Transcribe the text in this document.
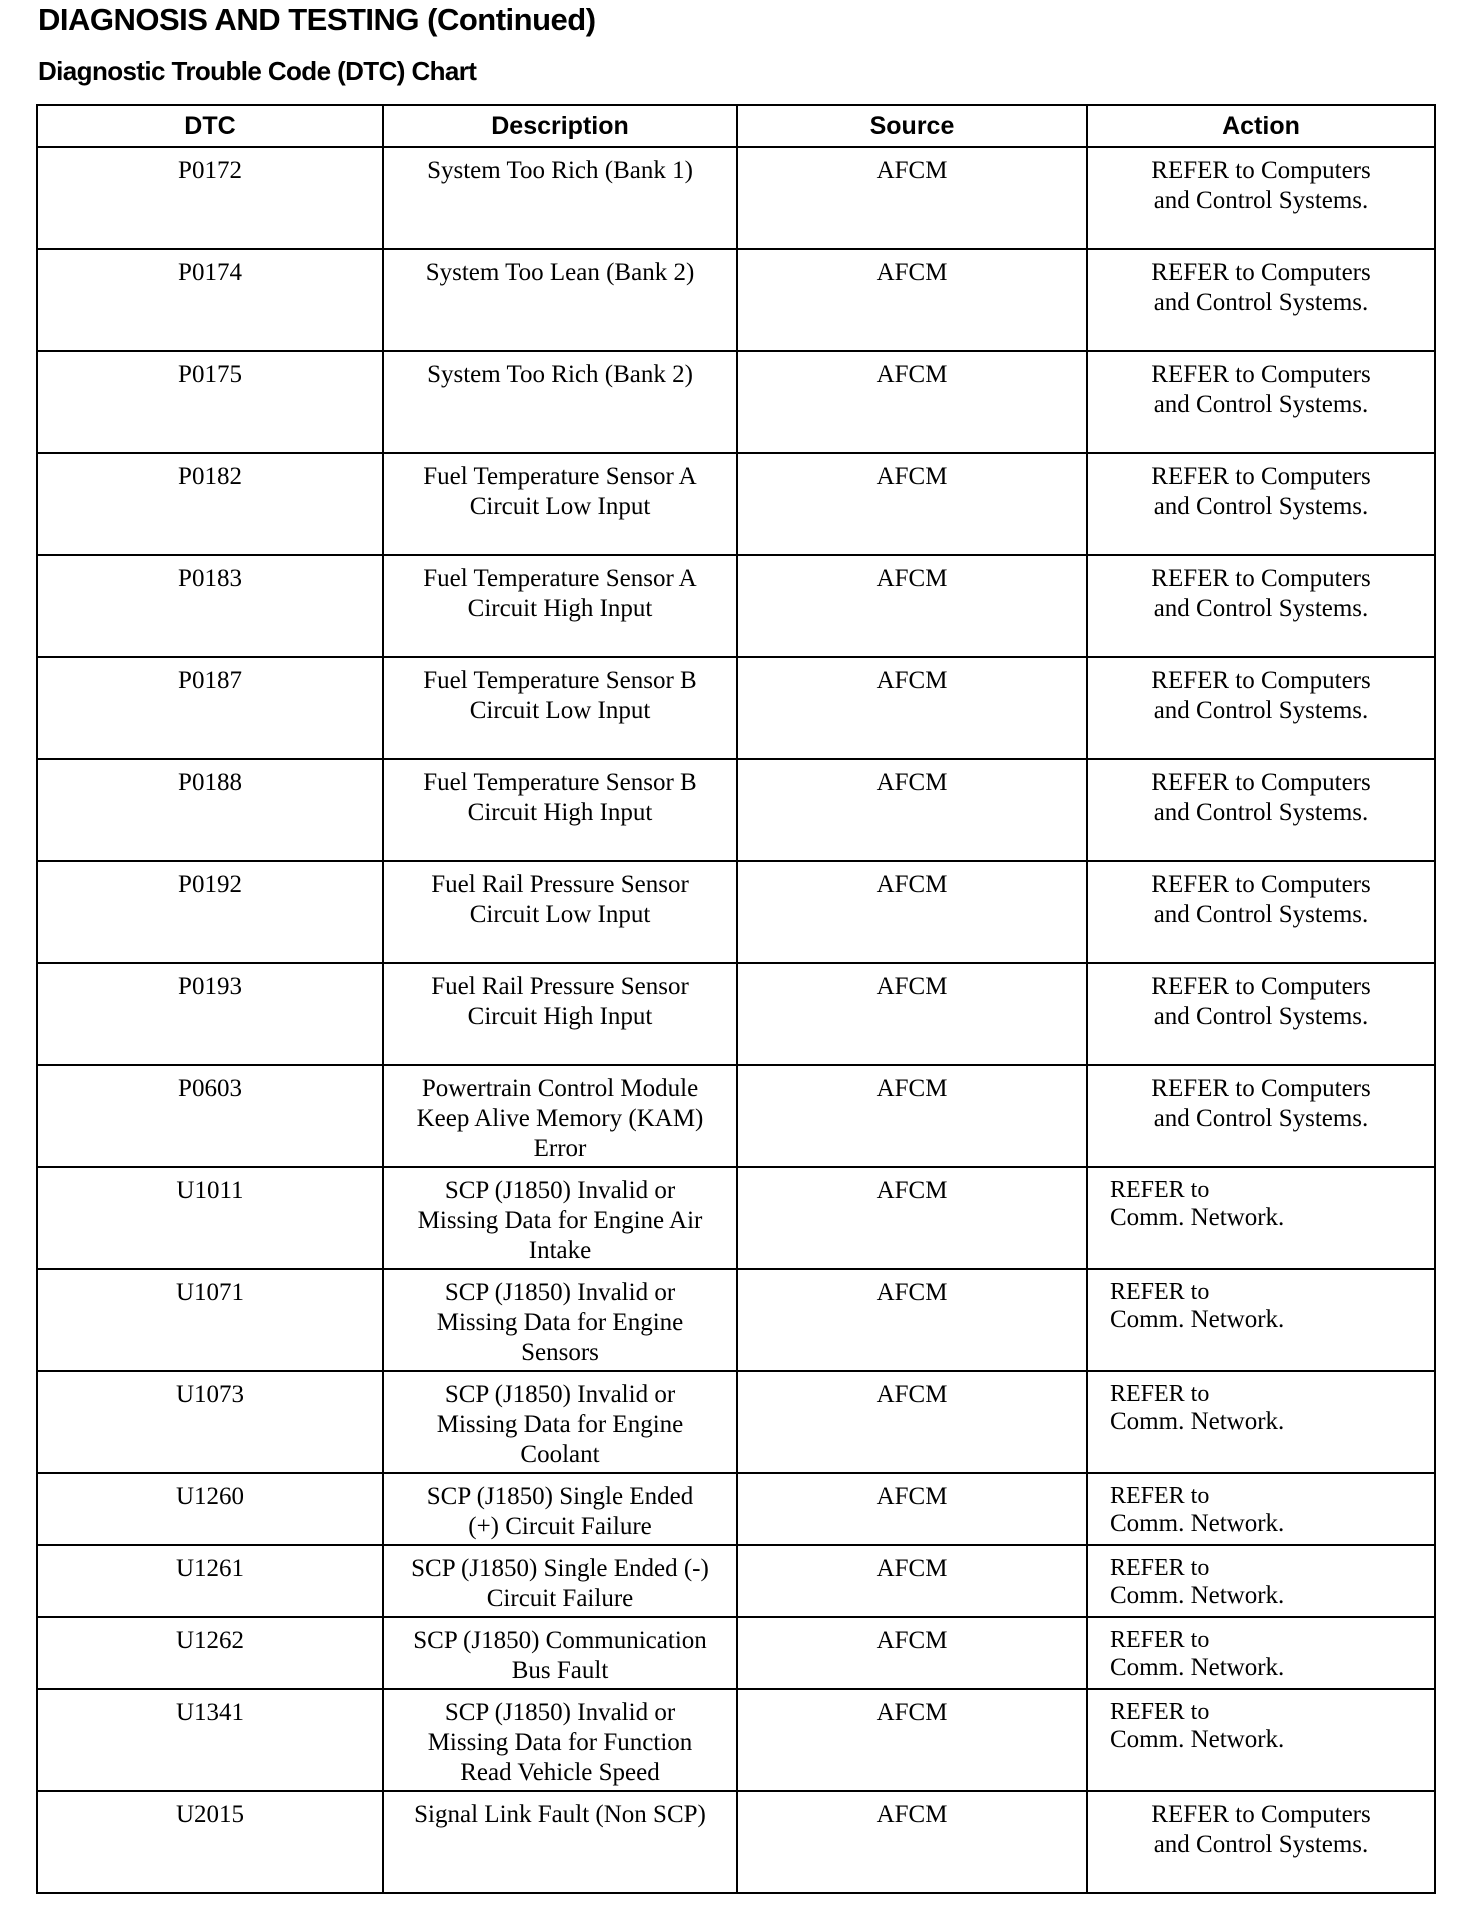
DIAGNOSIS AND TESTING (Continued)
Diagnostic Trouble Code (DTC) Chart
DTC	Description	Source	Action
P0172	System Too Rich (Bank 1)	AFCM	REFER to Computers
and Control Systems.

P0174	System Too Lean (Bank 2)	AFCM	REFER to Computers
and Control Systems.

P0175	System Too Rich (Bank 2)	AFCM	REFER to Computers
and Control Systems.

P0182	Fuel Temperature Sensor A
Circuit Low Input	AFCM	REFER to Computers
and Control Systems.

P0183	Fuel Temperature Sensor A
Circuit High Input	AFCM	REFER to Computers
and Control Systems.

P0187	Fuel Temperature Sensor B
Circuit Low Input	AFCM	REFER to Computers
and Control Systems.

P0188	Fuel Temperature Sensor B
Circuit High Input	AFCM	REFER to Computers
and Control Systems.

P0192	Fuel Rail Pressure Sensor
Circuit Low Input	AFCM	REFER to Computers
and Control Systems.

P0193	Fuel Rail Pressure Sensor
Circuit High Input	AFCM	REFER to Computers
and Control Systems.

P0603	Powertrain Control Module
Keep Alive Memory (KAM)
Error	AFCM	REFER to Computers
and Control Systems.

U1011	SCP (J1850) Invalid or
Missing Data for Engine Air
Intake	AFCM	REFER to
Comm. Network.

U1071	SCP (J1850) Invalid or
Missing Data for Engine
Sensors	AFCM	REFER to
Comm. Network.

U1073	SCP (J1850) Invalid or
Missing Data for Engine
Coolant	AFCM	REFER to
Comm. Network.

U1260	SCP (J1850) Single Ended
(+) Circuit Failure	AFCM	REFER to
Comm. Network.

U1261	SCP (J1850) Single Ended (-)
Circuit Failure	AFCM	REFER to
Comm. Network.

U1262	SCP (J1850) Communication
Bus Fault	AFCM	REFER to
Comm. Network.

U1341	SCP (J1850) Invalid or
Missing Data for Function
Read Vehicle Speed	AFCM	REFER to
Comm. Network.

U2015	Signal Link Fault (Non SCP)	AFCM	REFER to Computers
and Control Systems.
